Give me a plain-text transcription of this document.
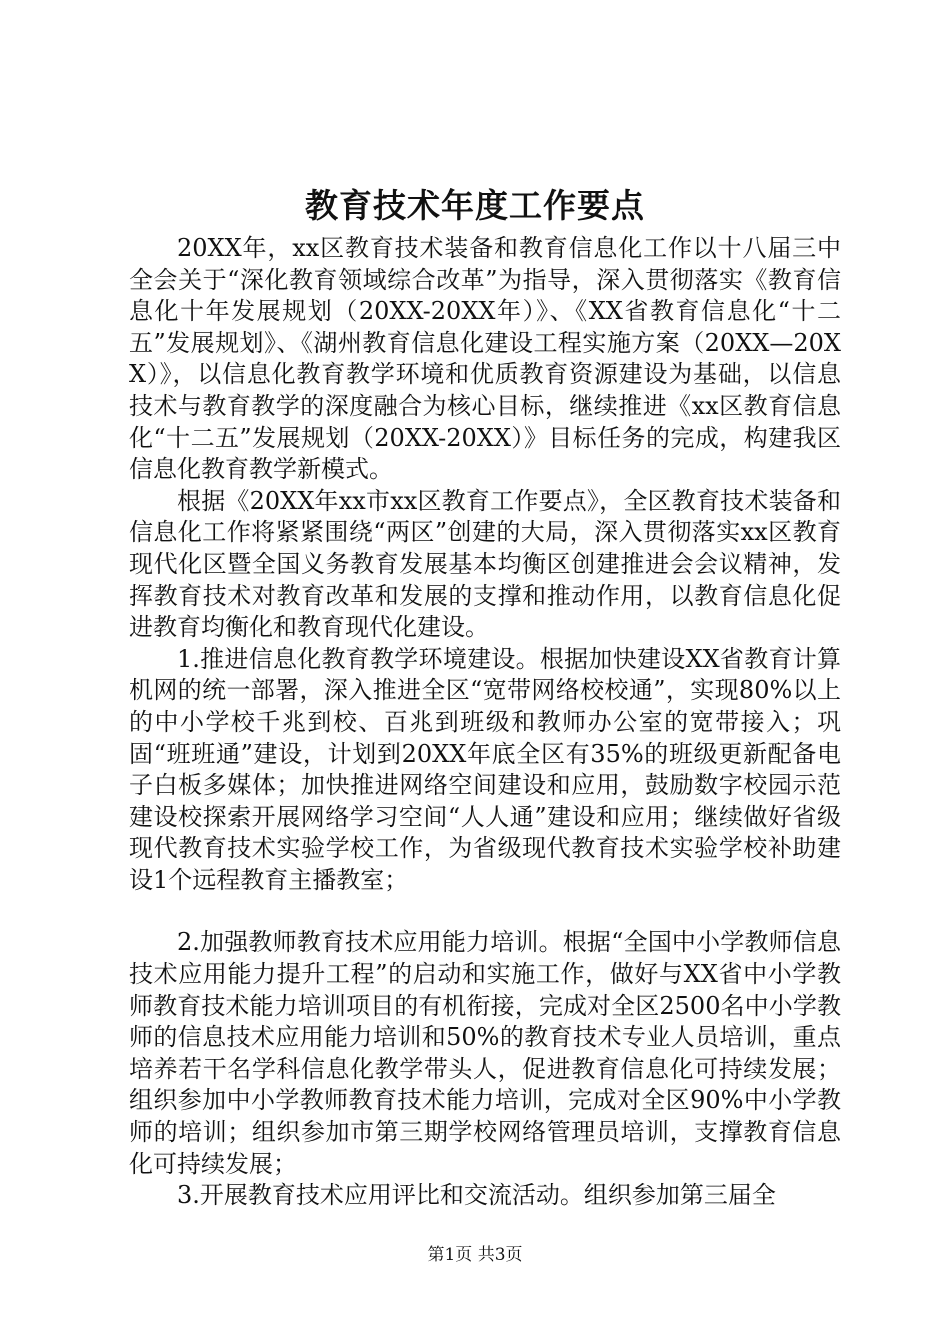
教育技术年度工作要点

20XX年，xx区教育技术装备和教育信息化工作以十八届三中全会关于“深化教育领域综合改革”为指导，深入贯彻落实《教育信息化十年发展规划（20XX-20XX年）》、《XX省教育信息化“十二五”发展规划》、《湖州教育信息化建设工程实施方案（20XX—20XX）》，以信息化教育教学环境和优质教育资源建设为基础，以信息技术与教育教学的深度融合为核心目标，继续推进《xx区教育信息化“十二五”发展规划（20XX-20XX）》目标任务的完成，构建我区信息化教育教学新模式。

根据《20XX年xx市xx区教育工作要点》，全区教育技术装备和信息化工作将紧紧围绕“两区”创建的大局，深入贯彻落实xx区教育现代化区暨全国义务教育发展基本均衡区创建推进会会议精神，发挥教育技术对教育改革和发展的支撑和推动作用，以教育信息化促进教育均衡化和教育现代化建设。

1.推进信息化教育教学环境建设。根据加快建设XX省教育计算机网的统一部署，深入推进全区“宽带网络校校通”，实现80%以上的中小学校千兆到校、百兆到班级和教师办公室的宽带接入；巩固“班班通”建设，计划到20XX年底全区有35%的班级更新配备电子白板多媒体；加快推进网络空间建设和应用，鼓励数字校园示范建设校探索开展网络学习空间“人人通”建设和应用；继续做好省级现代教育技术实验学校工作，为省级现代教育技术实验学校补助建设1个远程教育主播教室；

2.加强教师教育技术应用能力培训。根据“全国中小学教师信息技术应用能力提升工程”的启动和实施工作，做好与XX省中小学教师教育技术能力培训项目的有机衔接，完成对全区2500名中小学教师的信息技术应用能力培训和50%的教育技术专业人员培训，重点培养若干名学科信息化教学带头人，促进教育信息化可持续发展；组织参加中小学教师教育技术能力培训，完成对全区90%中小学教师的培训；组织参加市第三期学校网络管理员培训，支撑教育信息化可持续发展；

3.开展教育技术应用评比和交流活动。组织参加第三届全

第1页 共3页
